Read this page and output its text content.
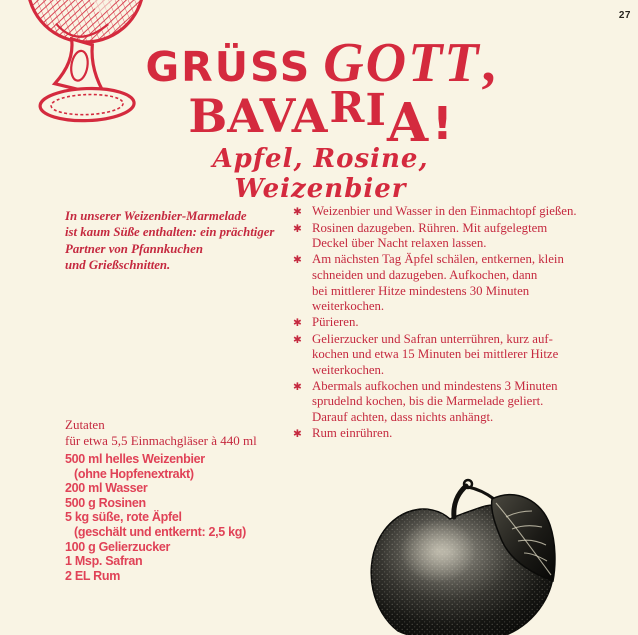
27
GRÜSS GOTT ,
BAVA R I A !
Apfel, Rosine, Weizenbier
In unserer Weizenbier-Marmelade
ist kaum Süße enthalten: ein prächtiger
Partner von Pfannkuchen
und Grießschnitten.
✱ Weizenbier und Wasser in den Einmachtopf gießen.
✱ Rosinen dazugeben. Rühren. Mit aufgelegtem
Deckel über Nacht relaxen lassen.
✱ Am nächsten Tag Äpfel schälen, entkernen, klein
schneiden und dazugeben. Aufkochen, dann
bei mittlerer Hitze mindestens 30 Minuten
weiterkochen.
✱ Pürieren.
✱ Gelierzucker und Safran unterrühren, kurz auf-
kochen und etwa 15 Minuten bei mittlerer Hitze
weiterkochen.
✱ Abermals aufkochen und mindestens 3 Minuten
sprudelnd kochen, bis die Marmelade geliert.
Darauf achten, dass nichts anhängt.
✱ Rum einrühren.
Zutaten
für etwa 5,5 Einmachgläser à 440 ml
500 ml helles Weizenbier
(ohne Hopfenextrakt)
200 ml Wasser
500 g Rosinen
5 kg süße, rote Äpfel
(geschält und entkernt: 2,5 kg)
100 g Gelierzucker
1 Msp. Safran
2 EL Rum
